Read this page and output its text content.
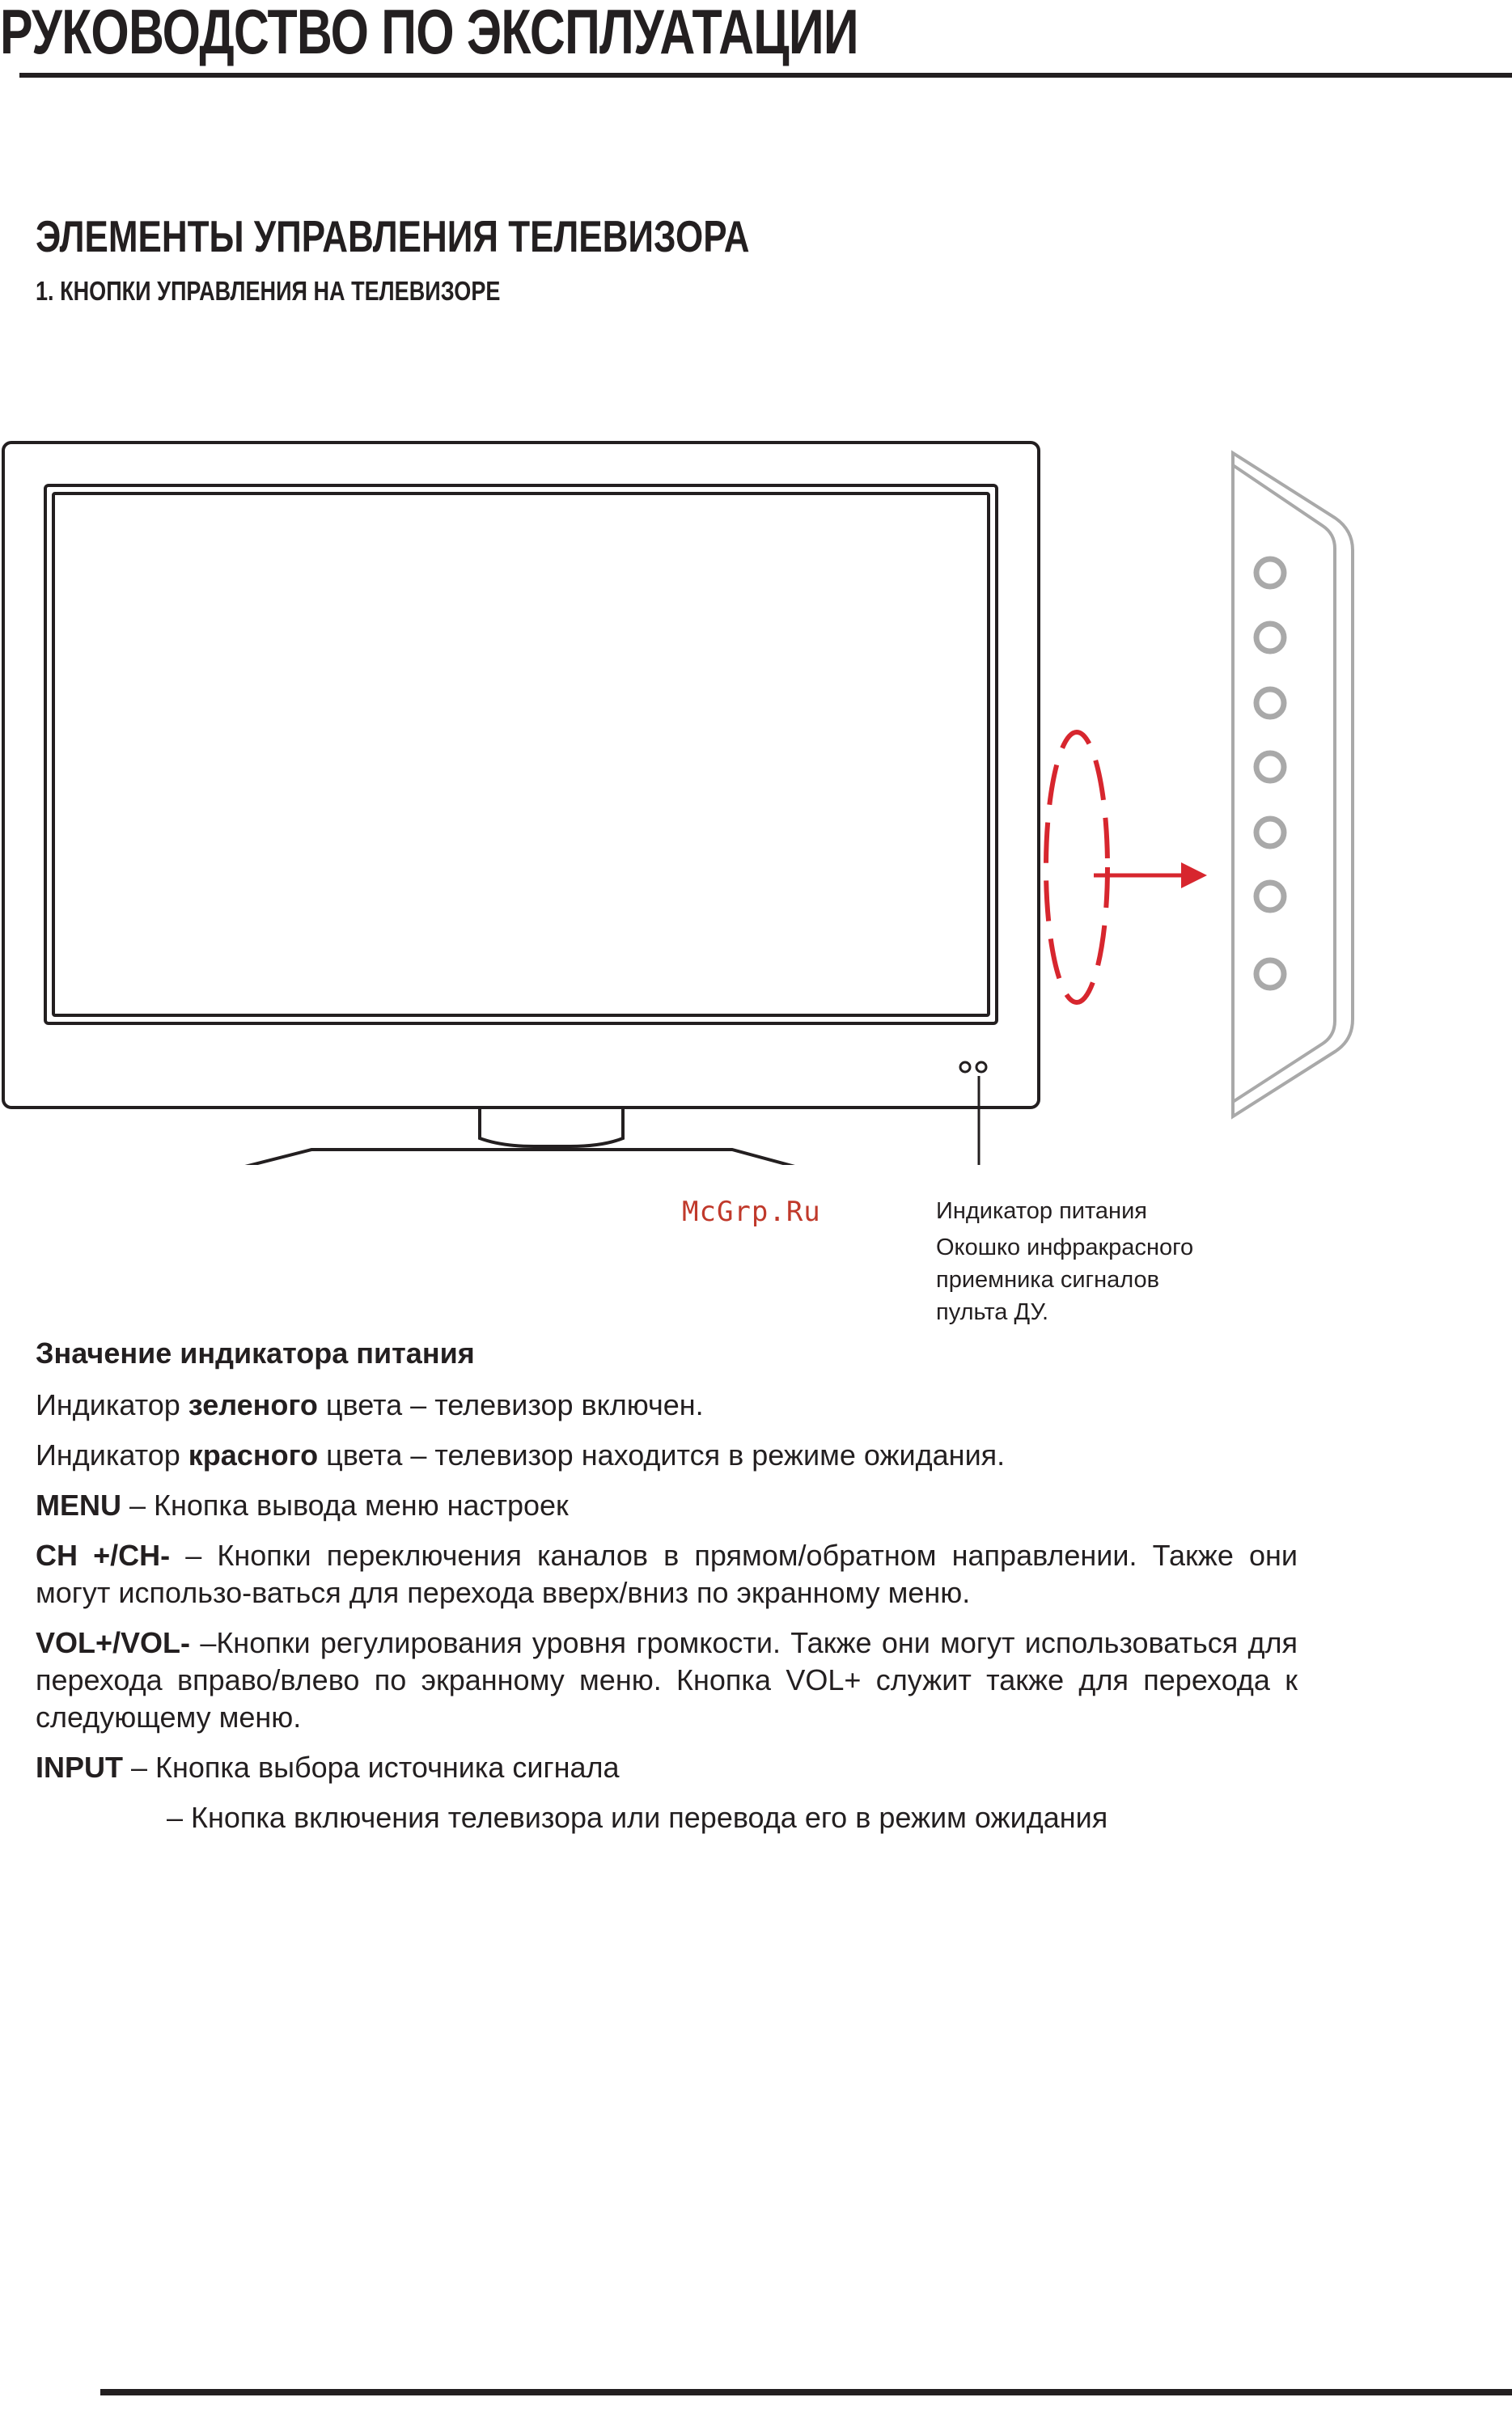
РУКОВОДСТВО ПО ЭКСПЛУАТАЦИИ
ЭЛЕМЕНТЫ УПРАВЛЕНИЯ ТЕЛЕВИЗОРА
1. КНОПКИ УПРАВЛЕНИЯ НА ТЕЛЕВИЗОРЕ
McGrp.Ru	Индикатор питания
Окошко инфракрасного
приемника сигналов
пульта ДУ.
Значение индикатора питания
Индикатор зеленого цвета – телевизор включен.
Индикатор красного цвета – телевизор находится в режиме ожидания.
MENU – Кнопка вывода меню настроек
CH +/CH- – Кнопки переключения каналов в прямом/обратном направлении. Также они могут использо-ваться для перехода вверх/вниз по экранному меню.
VOL+/VOL- –Кнопки регулирования уровня громкости. Также они могут использоваться для перехода вправо/влево по экранному меню. Кнопка VOL+ служит также для перехода к следующему меню.
INPUT – Кнопка выбора источника сигнала
– Кнопка включения телевизора или перевода его в режим ожидания
